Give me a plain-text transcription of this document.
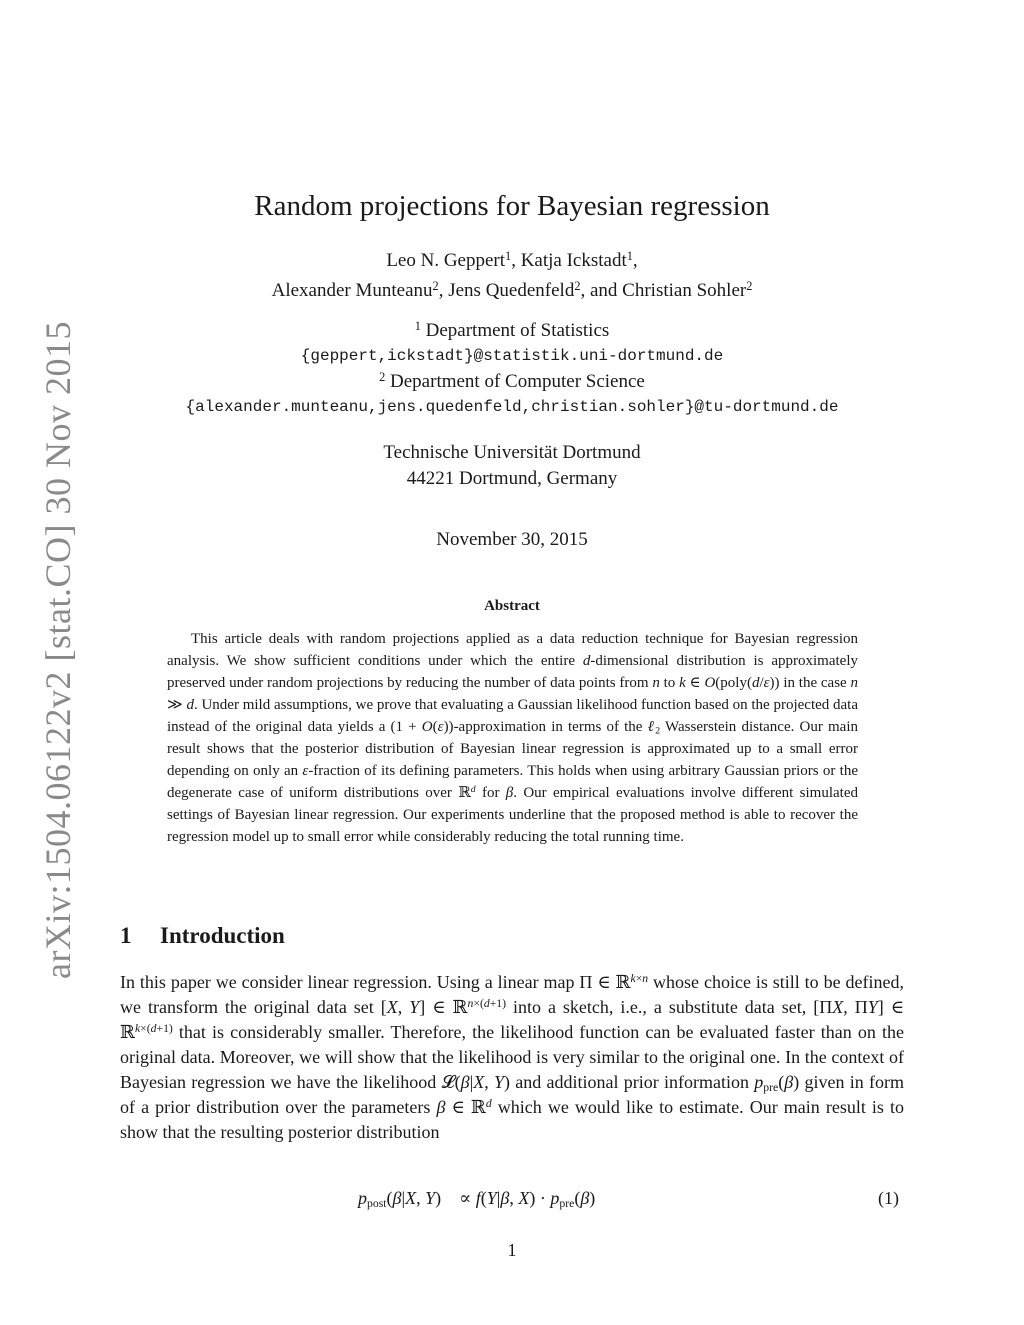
arXiv:1504.06122v2 [stat.CO] 30 Nov 2015
Random projections for Bayesian regression
Leo N. Geppert$^1$, Katja Ickstadt$^1$,
Alexander Munteanu$^2$, Jens Quedenfeld$^2$, and Christian Sohler$^2$
$^1$ Department of Statistics
{geppert,ickstadt}@statistik.uni-dortmund.de
$^2$ Department of Computer Science
{alexander.munteanu,jens.quedenfeld,christian.sohler}@tu-dortmund.de
Technische Universität Dortmund
44221 Dortmund, Germany
November 30, 2015
Abstract
This article deals with random projections applied as a data reduction technique for Bayesian regression analysis. We show sufficient conditions under which the entire d-dimensional distribution is approximately preserved under random projections by reducing the number of data points from n to k ∈ O(poly(d/ε)) in the case n ≫ d. Under mild assumptions, we prove that evaluating a Gaussian likelihood function based on the projected data instead of the original data yields a (1 + O(ε))-approximation in terms of the ℓ$_2$ Wasserstein distance. Our main result shows that the posterior distribution of Bayesian linear regression is approximated up to a small error depending on only an ε-fraction of its defining parameters. This holds when using arbitrary Gaussian priors or the degenerate case of uniform distributions over ℝ$^d$ for β. Our empirical evaluations involve different simulated settings of Bayesian linear regression. Our experiments underline that the proposed method is able to recover the regression model up to small error while considerably reducing the total running time.
1 Introduction
In this paper we consider linear regression. Using a linear map Π ∈ ℝ$^{k\times n}$ whose choice is still to be defined, we transform the original data set [X, Y] ∈ ℝ$^{n\times(d+1)}$ into a sketch, i.e., a substitute data set, [ΠX, ΠY] ∈ ℝ$^{k\times(d+1)}$ that is considerably smaller. Therefore, the likelihood function can be evaluated faster than on the original data. Moreover, we will show that the likelihood is very similar to the original one. In the context of Bayesian regression we have the likelihood 𝓛(β|X, Y) and additional prior information $p_{pre}(\beta)$ given in form of a prior distribution over the parameters β ∈ ℝ$^d$ which we would like to estimate. Our main result is to show that the resulting posterior distribution
$p_{post}(\beta|X$, Y)    ∝ f(Y|β, $X) \cdot p_{pre}(\beta)$	(1)
1
